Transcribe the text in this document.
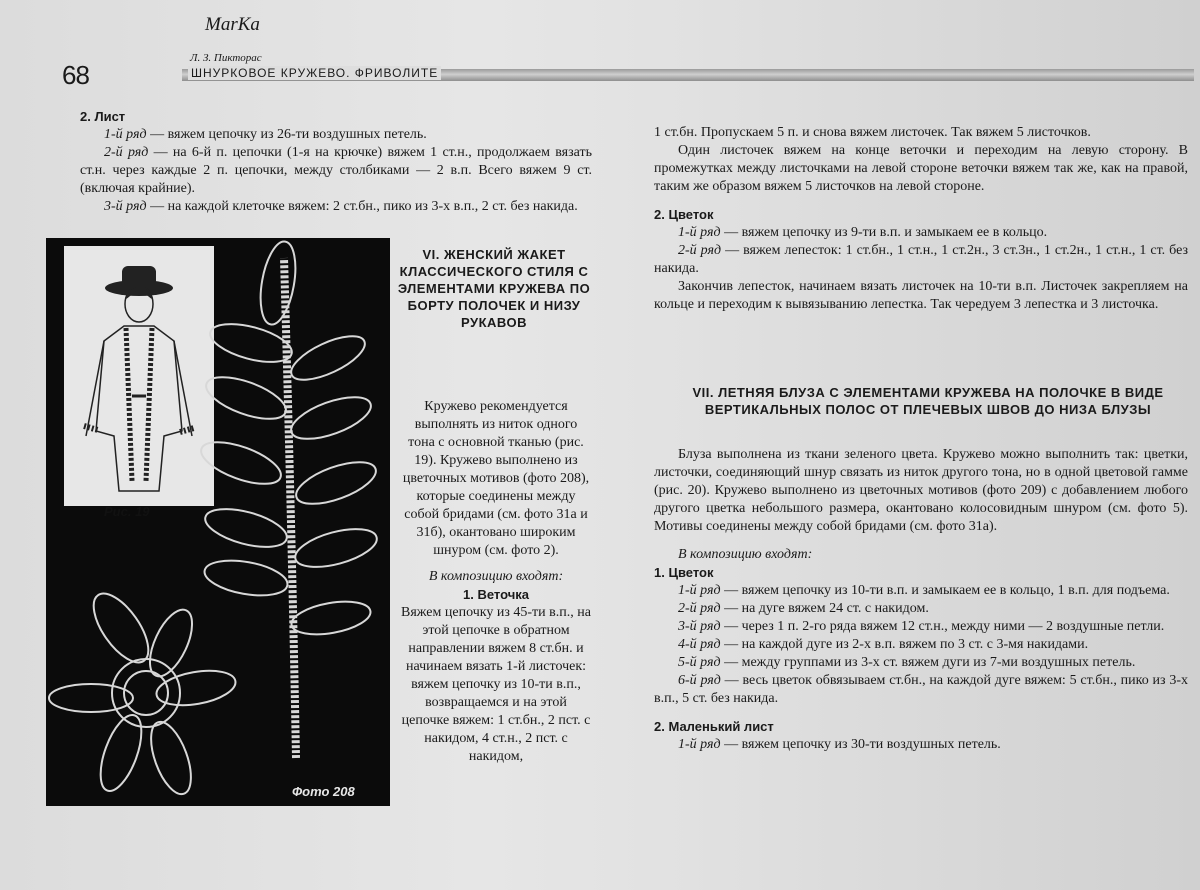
MarKa
68
Л. З. Пикторас
ШНУРКОВОЕ КРУЖЕВО. ФРИВОЛИТЕ
2. Лист

1-й ряд — вяжем цепочку из 26-ти воздушных петель.

2-й ряд — на 6-й п. цепочки (1-я на крючке) вяжем 1 ст.н., продолжаем вязать ст.н. через каждые 2 п. цепочки, между столбиками — 2 в.п. Всего вяжем 9 ст. (включая крайние).

3-й ряд — на каждой клеточке вяжем: 2 ст.бн., пико из 3-х в.п., 2 ст. без накида.

Рис. 19
Фото 208
VI. ЖЕНСКИЙ ЖАКЕТ КЛАССИЧЕСКОГО СТИЛЯ С ЭЛЕМЕНТАМИ КРУЖЕВА ПО БОРТУ ПОЛОЧЕК И НИЗУ РУКАВОВ

Кружево рекомендуется выполнять из ниток одного тона с основной тканью (рис. 19). Кружево выполнено из цветочных мотивов (фото 208), которые соединены между собой бридами (см. фото 31а и 31б), окантовано широким шнуром (см. фото 2).

В композицию входят:

1. Веточка

Вяжем цепочку из 45-ти в.п., на этой цепочке в обратном направлении вяжем 8 ст.бн. и начинаем вязать 1-й листочек: вяжем цепочку из 10-ти в.п., возвращаемся и на этой цепочке вяжем: 1 ст.бн., 2 пст. с накидом, 4 ст.н., 2 пст. с накидом,

1 ст.бн. Пропускаем 5 п. и снова вяжем листочек. Так вяжем 5 листочков.

Один листочек вяжем на конце веточки и переходим на левую сторону. В промежутках между листочками на левой стороне веточки вяжем так же, как на правой, таким же образом вяжем 5 листочков на левой стороне.

2. Цветок

1-й ряд — вяжем цепочку из 9-ти в.п. и замыкаем ее в кольцо.

2-й ряд — вяжем лепесток: 1 ст.бн., 1 ст.н., 1 ст.2н., 3 ст.3н., 1 ст.2н., 1 ст.н., 1 ст. без накида.

Закончив лепесток, начинаем вязать листочек на 10-ти в.п. Листочек закрепляем на кольце и переходим к вывязыванию лепестка. Так чередуем 3 лепестка и 3 листочка.

VII. ЛЕТНЯЯ БЛУЗА С ЭЛЕМЕНТАМИ КРУЖЕВА НА ПОЛОЧКЕ В ВИДЕ ВЕРТИКАЛЬНЫХ ПОЛОС ОТ ПЛЕЧЕВЫХ ШВОВ ДО НИЗА БЛУЗЫ

Блуза выполнена из ткани зеленого цвета. Кружево можно выполнить так: цветки, листочки, соединяющий шнур связать из ниток другого тона, но в одной цветовой гамме (рис. 20). Кружево выполнено из цветочных мотивов (фото 209) с добавлением любого другого цветка небольшого размера, окантовано колосовидным шнуром (см. фото 5). Мотивы соединены между собой бридами (см. фото 31а).

В композицию входят:

1. Цветок

1-й ряд — вяжем цепочку из 10-ти в.п. и замыкаем ее в кольцо, 1 в.п. для подъема.

2-й ряд — на дуге вяжем 24 ст. с накидом.

3-й ряд — через 1 п. 2-го ряда вяжем 12 ст.н., между ними — 2 воздушные петли.

4-й ряд — на каждой дуге из 2-х в.п. вяжем по 3 ст. с 3-мя накидами.

5-й ряд — между группами из 3-х ст. вяжем дуги из 7-ми воздушных петель.

6-й ряд — весь цветок обвязываем ст.бн., на каждой дуге вяжем: 5 ст.бн., пико из 3-х в.п., 5 ст. без накида.

2. Маленький лист

1-й ряд — вяжем цепочку из 30-ти воздушных петель.
